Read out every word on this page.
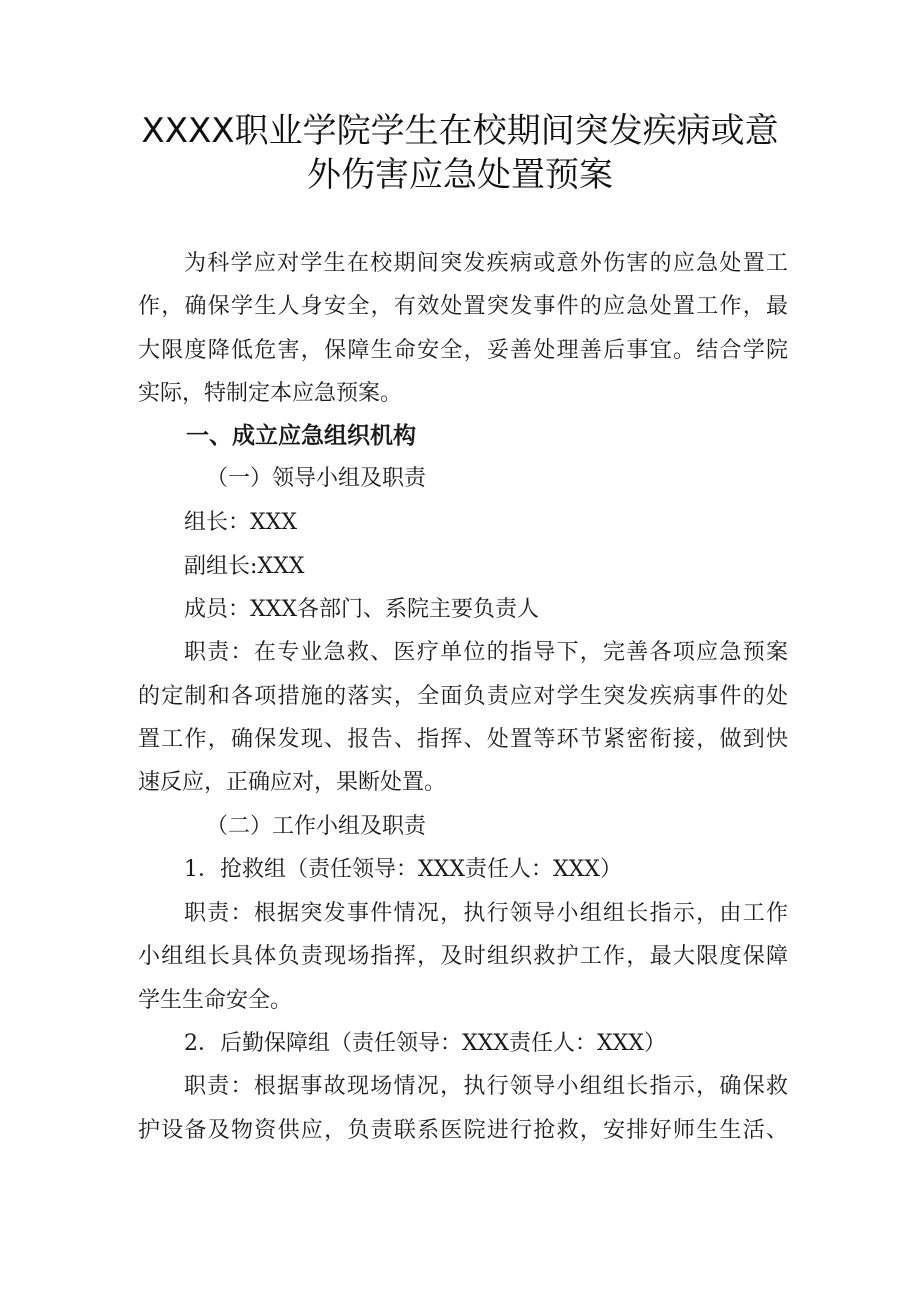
XXXX职业学院学生在校期间突发疾病或意
外伤害应急处置预案
为科学应对学生在校期间突发疾病或意外伤害的应急处置工
作，确保学生人身安全，有效处置突发事件的应急处置工作，最
大限度降低危害，保障生命安全，妥善处理善后事宜。结合学院
实际，特制定本应急预案。
一、成立应急组织机构
（一）领导小组及职责
组长：XXX
副组长:XXX
成员：XXX各部门、系院主要负责人
职责：在专业急救、医疗单位的指导下，完善各项应急预案
的定制和各项措施的落实，全面负责应对学生突发疾病事件的处
置工作，确保发现、报告、指挥、处置等环节紧密衔接，做到快
速反应，正确应对，果断处置。
（二）工作小组及职责
1．抢救组（责任领导：XXX责任人：XXX）
职责：根据突发事件情况，执行领导小组组长指示，由工作
小组组长具体负责现场指挥，及时组织救护工作，最大限度保障
学生生命安全。
2．后勤保障组（责任领导：XXX责任人：XXX）
职责：根据事故现场情况，执行领导小组组长指示，确保救
护设备及物资供应，负责联系医院进行抢救，安排好师生生活、
